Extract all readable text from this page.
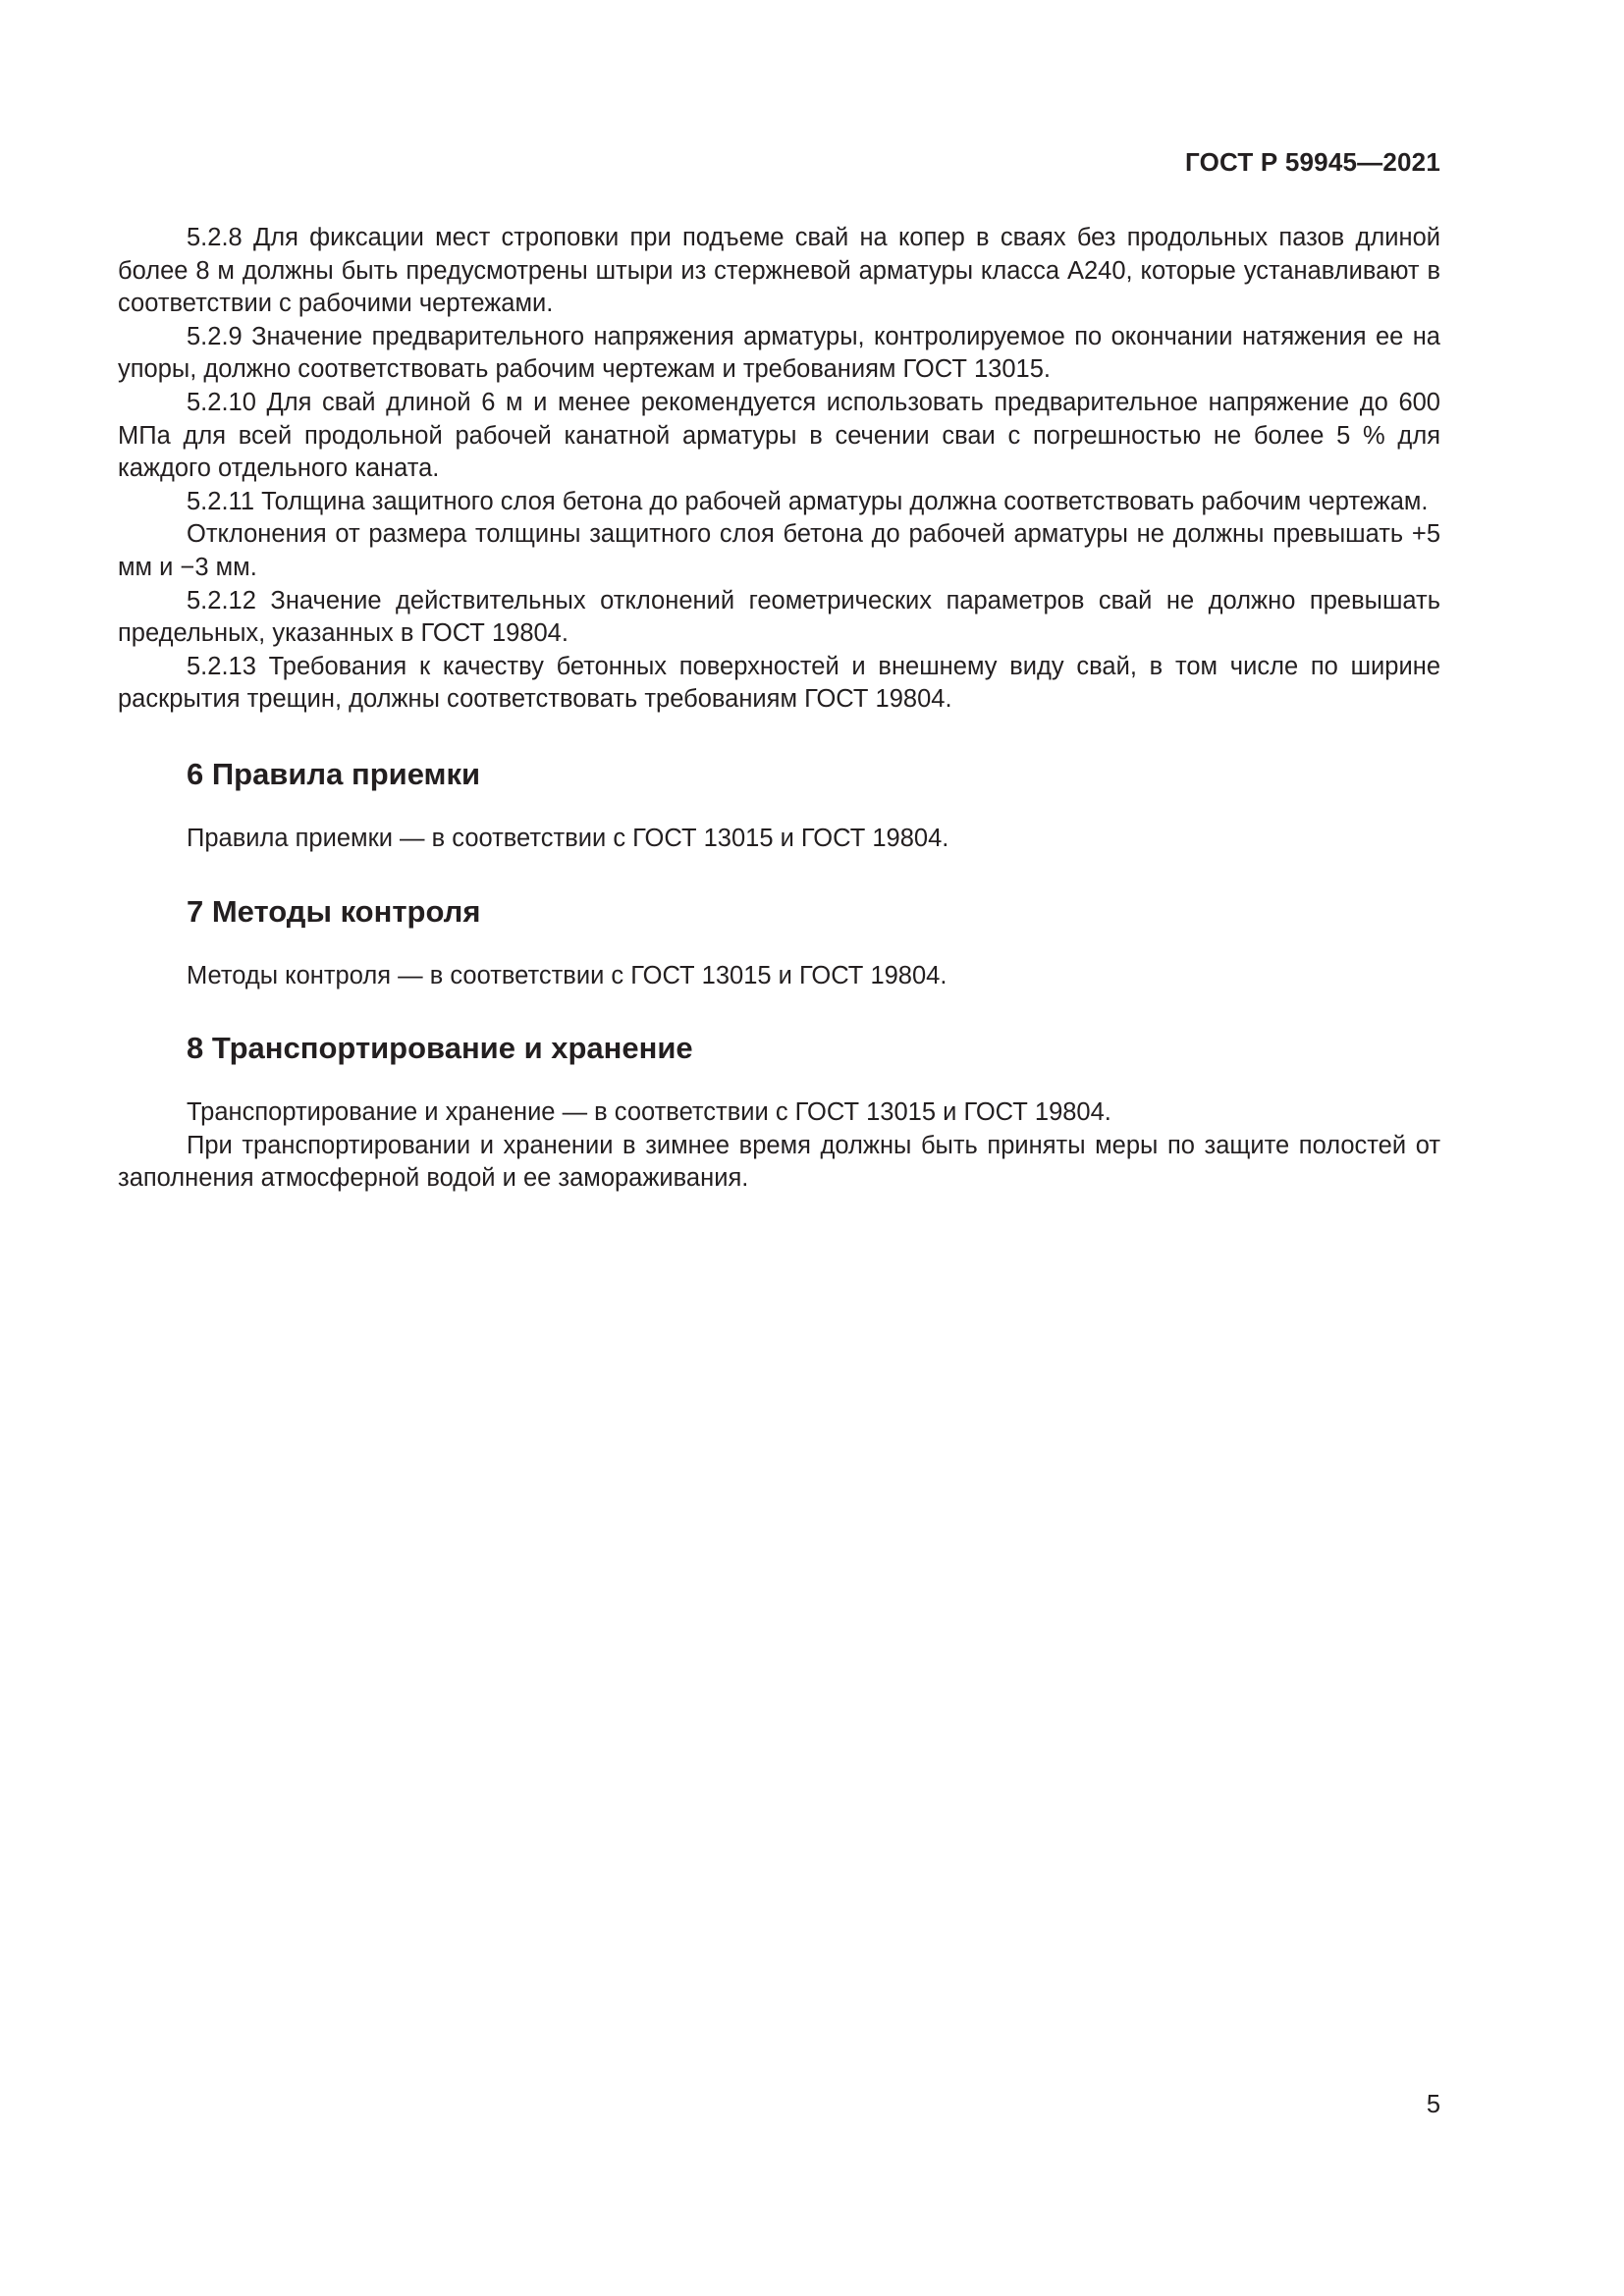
ГОСТ Р 59945—2021

5.2.8 Для фиксации мест строповки при подъеме свай на копер в сваях без продольных пазов длиной более 8 м должны быть предусмотрены штыри из стержневой арматуры класса А240, которые устанавливают в соответствии с рабочими чертежами.

5.2.9 Значение предварительного напряжения арматуры, контролируемое по окончании натяжения ее на упоры, должно соответствовать рабочим чертежам и требованиям ГОСТ 13015.

5.2.10 Для свай длиной 6 м и менее рекомендуется использовать предварительное напряжение до 600 МПа для всей продольной рабочей канатной арматуры в сечении сваи с погрешностью не более 5 % для каждого отдельного каната.

5.2.11 Толщина защитного слоя бетона до рабочей арматуры должна соответствовать рабочим чертежам.

Отклонения от размера толщины защитного слоя бетона до рабочей арматуры не должны превышать +5 мм и −3 мм.

5.2.12 Значение действительных отклонений геометрических параметров свай не должно превышать предельных, указанных в ГОСТ 19804.

5.2.13 Требования к качеству бетонных поверхностей и внешнему виду свай, в том числе по ширине раскрытия трещин, должны соответствовать требованиям ГОСТ 19804.

6 Правила приемки

Правила приемки — в соответствии с ГОСТ 13015 и ГОСТ 19804.

7 Методы контроля

Методы контроля — в соответствии с ГОСТ 13015 и ГОСТ 19804.

8 Транспортирование и хранение

Транспортирование и хранение — в соответствии с ГОСТ 13015 и ГОСТ 19804.

При транспортировании и хранении в зимнее время должны быть приняты меры по защите полостей от заполнения атмосферной водой и ее замораживания.

5
